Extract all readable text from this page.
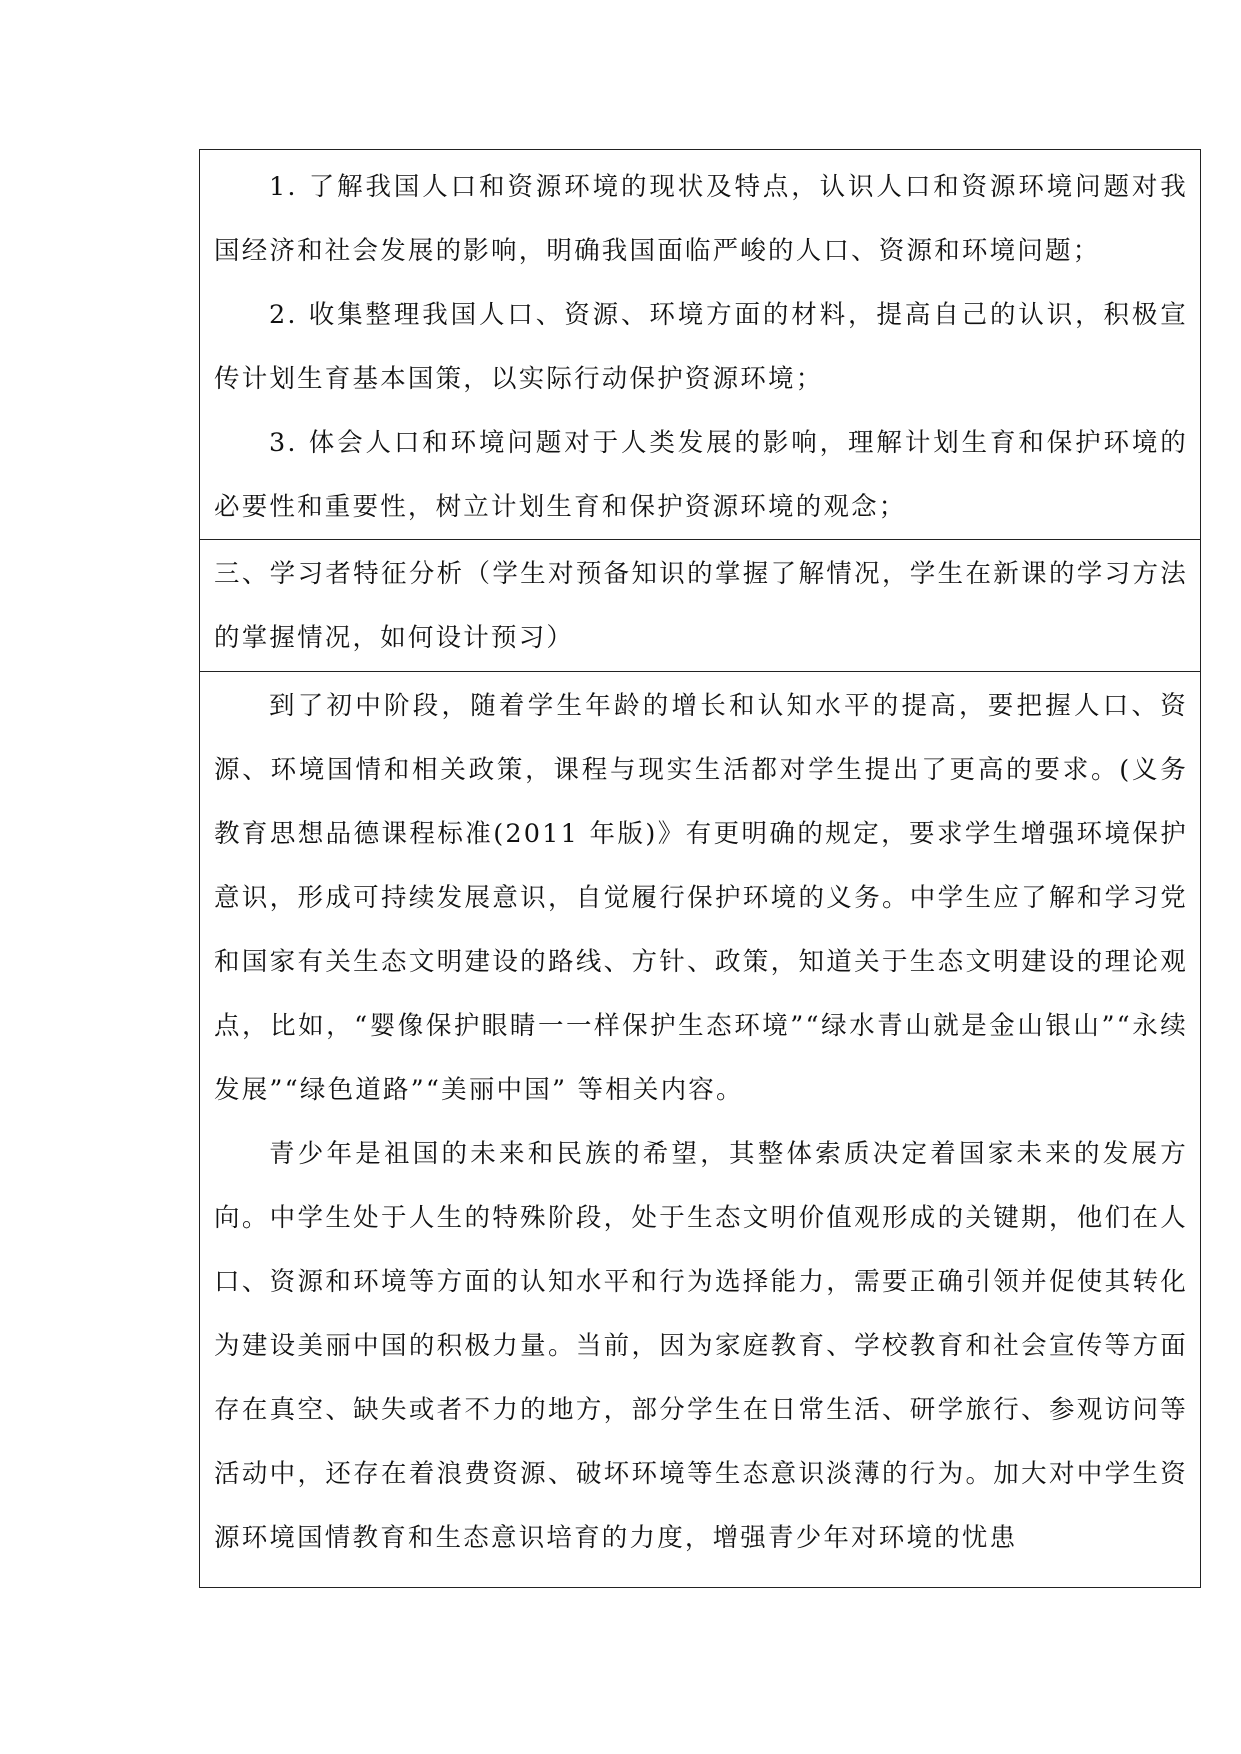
1. 了解我国人口和资源环境的现状及特点，认识人口和资源环境问题对我国经济和社会发展的影响，明确我国面临严峻的人口、资源和环境问题；

2. 收集整理我国人口、资源、环境方面的材料，提高自己的认识，积极宣传计划生育基本国策，以实际行动保护资源环境；

3. 体会人口和环境问题对于人类发展的影响，理解计划生育和保护环境的必要性和重要性，树立计划生育和保护资源环境的观念；

三、学习者特征分析（学生对预备知识的掌握了解情况，学生在新课的学习方法的掌握情况，如何设计预习）

到了初中阶段，随着学生年龄的增长和认知水平的提高，要把握人口、资源、环境国情和相关政策，课程与现实生活都对学生提出了更高的要求。(义务教育思想品德课程标准(2011 年版)》有更明确的规定，要求学生增强环境保护意识，形成可持续发展意识，自觉履行保护环境的义务。中学生应了解和学习党和国家有关生态文明建设的路线、方针、政策，知道关于生态文明建设的理论观点，比如，“婴像保护眼睛一一样保护生态环境”“绿水青山就是金山银山”“永续发展”“绿色道路”“美丽中国” 等相关内容。

青少年是祖国的未来和民族的希望，其整体索质决定着国家未来的发展方向。中学生处于人生的特殊阶段，处于生态文明价值观形成的关键期，他们在人口、资源和环境等方面的认知水平和行为选择能力，需要正确引领并促使其转化为建设美丽中国的积极力量。当前，因为家庭教育、学校教育和社会宣传等方面存在真空、缺失或者不力的地方，部分学生在日常生活、研学旅行、参观访问等活动中，还存在着浪费资源、破坏环境等生态意识淡薄的行为。加大对中学生资源环境国情教育和生态意识培育的力度，增强青少年对环境的忧患
